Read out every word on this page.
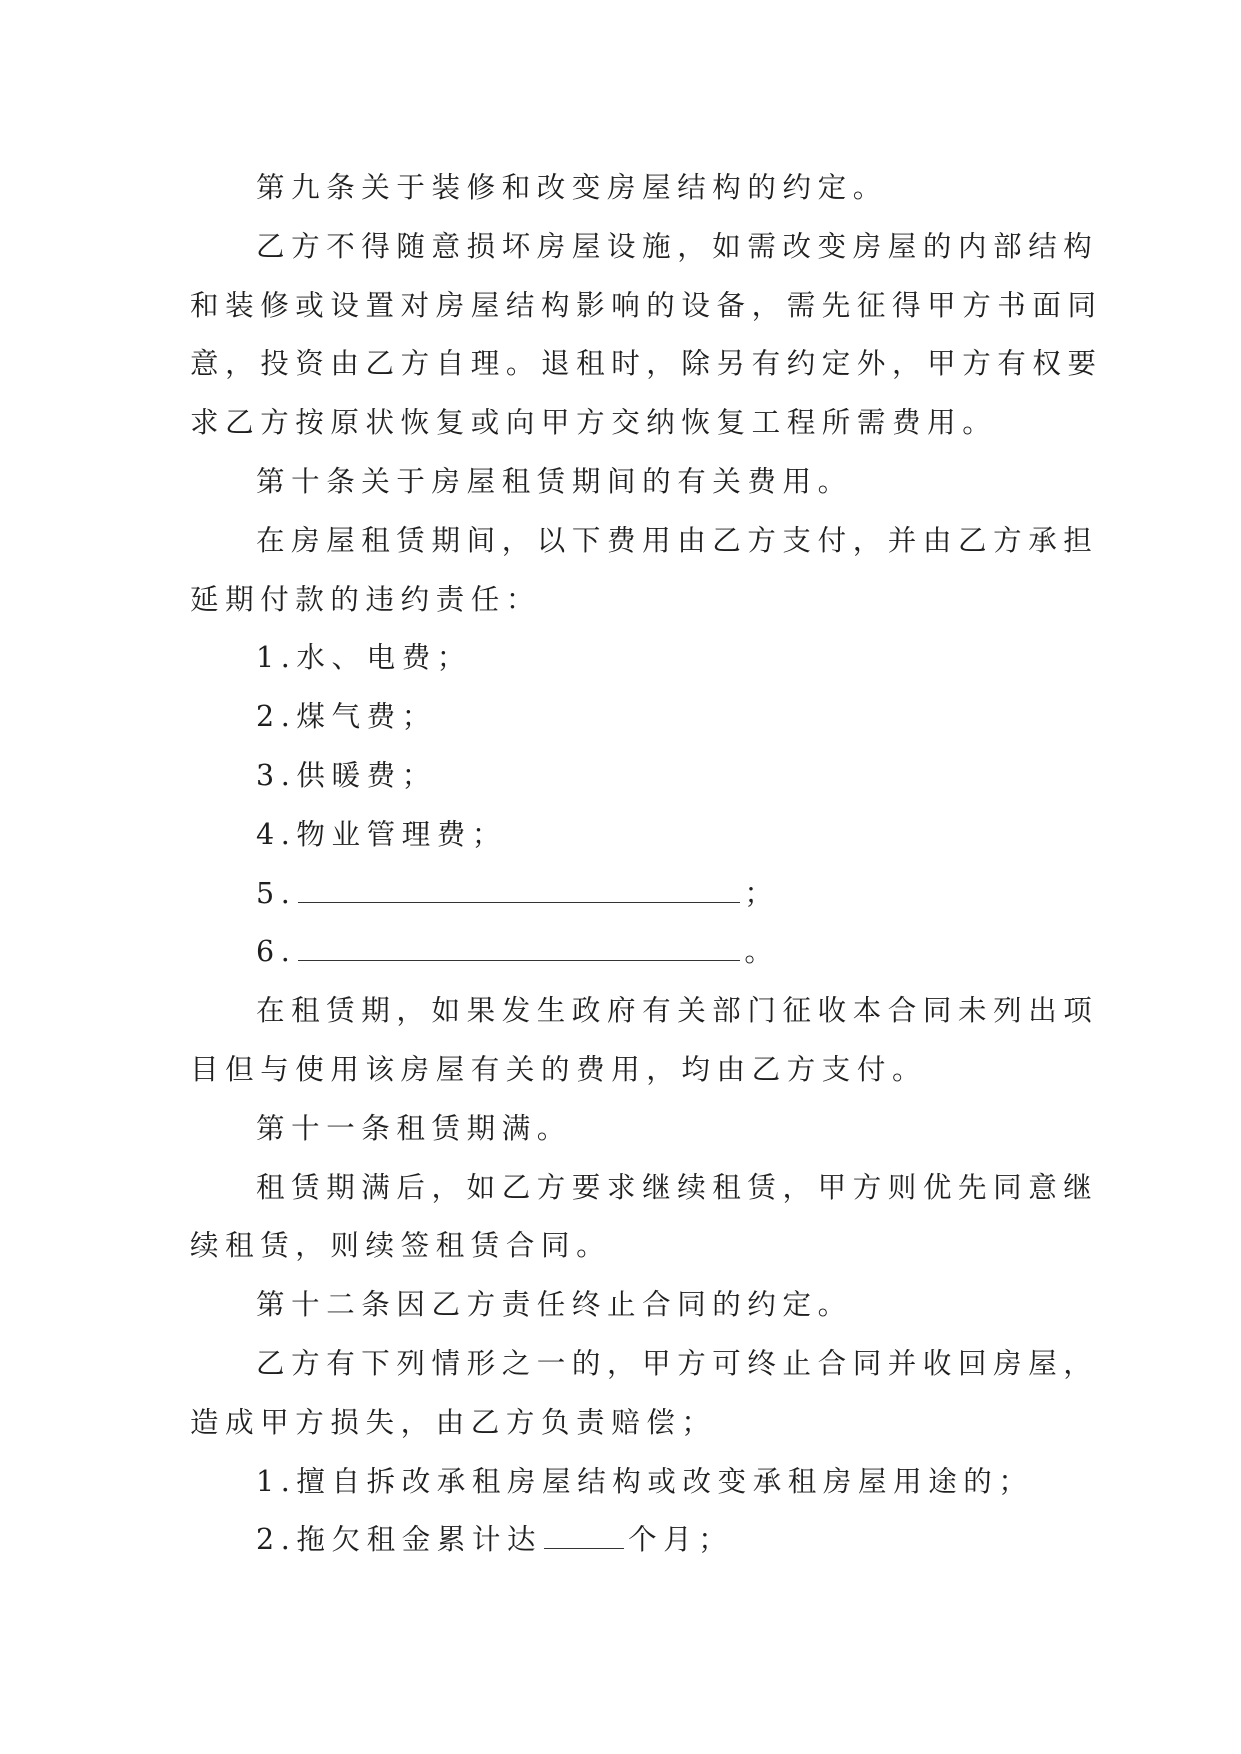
第九条关于装修和改变房屋结构的约定。
乙方不得随意损坏房屋设施，如需改变房屋的内部结构
和装修或设置对房屋结构影响的设备，需先征得甲方书面同
意，投资由乙方自理。退租时，除另有约定外，甲方有权要
求乙方按原状恢复或向甲方交纳恢复工程所需费用。
第十条关于房屋租赁期间的有关费用。
在房屋租赁期间，以下费用由乙方支付，并由乙方承担
延期付款的违约责任：
1.水、电费；
2.煤气费；
3.供暖费；
4.物业管理费；
5.	；
6.	。
在租赁期，如果发生政府有关部门征收本合同未列出项
目但与使用该房屋有关的费用，均由乙方支付。
第十一条租赁期满。
租赁期满后，如乙方要求继续租赁，甲方则优先同意继
续租赁，则续签租赁合同。
第十二条因乙方责任终止合同的约定。
乙方有下列情形之一的，甲方可终止合同并收回房屋，
造成甲方损失，由乙方负责赔偿；
1.擅自拆改承租房屋结构或改变承租房屋用途的；
2.拖欠租金累计达	个月；
